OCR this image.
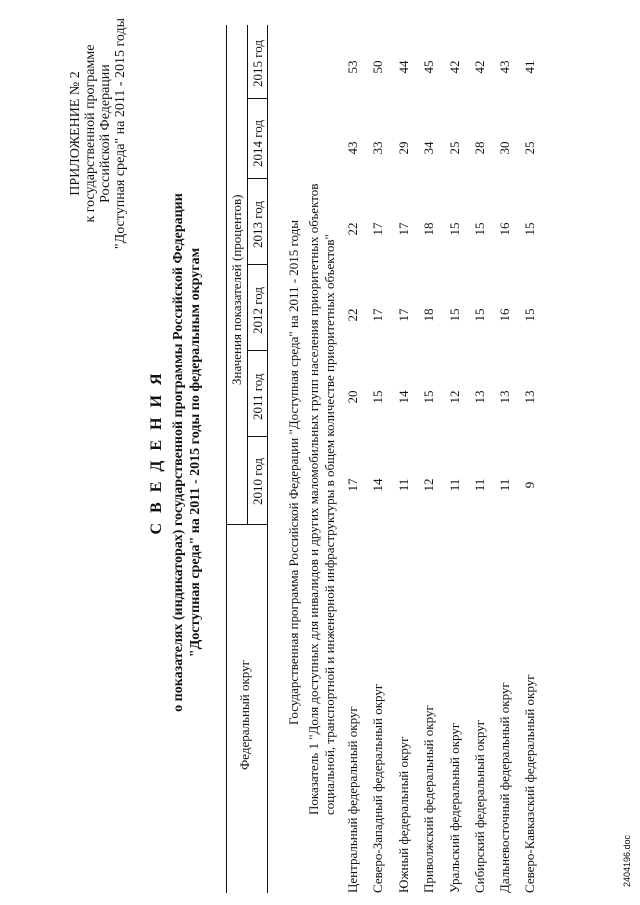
ПРИЛОЖЕНИЕ № 2 к государственной программе Российской Федерации "Доступная среда" на 2011 - 2015 годы
С В Е Д Е Н И Я о показателях (индикаторах) государственной программы Российской Федерации "Доступная среда" на 2011 - 2015 годы по федеральным округам
Федеральный округ
Значения показателей (процентов)
2010 год
2011 год
2012 год
2013 год
2014 год
2015 год
Государственная программа Российской Федерации "Доступная среда" на 2011 - 2015 годы Показатель 1 "Доля доступных для инвалидов и других маломобильных групп населения приоритетных объектов социальной, транспортной и инженерной инфраструктуры в общем количестве приоритетных объектов" Центральный федеральный округ
17
20
22
22
43
53
Северо-Западный федеральный округ
14
15
17
17
33
50
Южный федеральный округ
11
14
17
17
29
44
Приволжский федеральный округ
12
15
18
18
34
45
Уральский федеральный округ
11
12
15
15
25
42
Сибирский федеральный округ
11
13
15
15
28
42
Дальневосточный федеральный округ
11
13
16
16
30
43
Северо-Кавказский федеральный округ
9
13
15
15
25
41
2404196.doc
